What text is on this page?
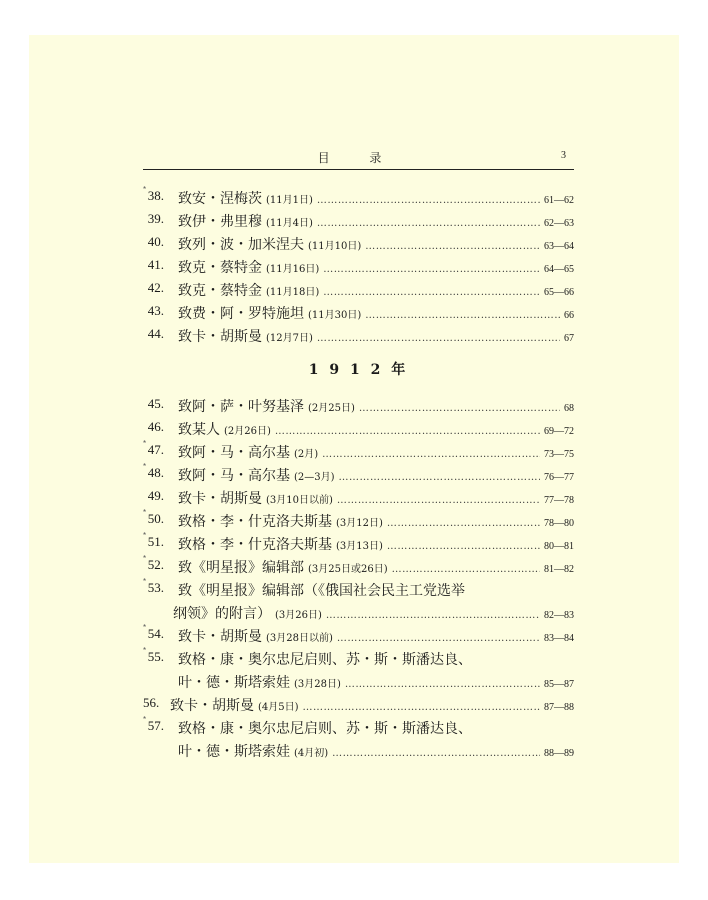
目 录	3
* 38. 致安・涅梅茨 (11月1日) …………………………………………………………………………………………………………………	61—62
39. 致伊・弗里穆 (11月4日) …………………………………………………………………………………………………………………	62—63
40. 致列・波・加米涅夫 (11月10日) …………………………………………………………………………………………………………………	63—64
41. 致克・蔡特金 (11月16日) …………………………………………………………………………………………………………………	64—65
42. 致克・蔡特金 (11月18日) …………………………………………………………………………………………………………………	65—66
43. 致费・阿・罗特施坦 (11月30日) …………………………………………………………………………………………………………………	66
44. 致卡・胡斯曼 (12月7日) …………………………………………………………………………………………………………………	67
1 9 1 2 年
45. 致阿・萨・叶努基泽 (2月25日) …………………………………………………………………………………………………………………	68
46. 致某人 (2月26日) …………………………………………………………………………………………………………………	69—72
* 47. 致阿・马・高尔基 (2月) …………………………………………………………………………………………………………………	73—75
* 48. 致阿・马・高尔基 (2—3月) …………………………………………………………………………………………………………………	76—77
49. 致卡・胡斯曼 (3月10日以前) …………………………………………………………………………………………………………………	77—78
* 50. 致格・李・什克洛夫斯基 (3月12日) …………………………………………………………………………………………………………………	78—80
* 51. 致格・李・什克洛夫斯基 (3月13日) …………………………………………………………………………………………………………………	80—81
* 52. 致《明星报》编辑部 (3月25日或26日) …………………………………………………………………………………………………………………	81—82
* 53. 致《明星报》编辑部（《俄国社会民主工党选举
纲领》的附言） (3月26日) …………………………………………………………………………………………………………………	82—83
* 54. 致卡・胡斯曼 (3月28日以前) …………………………………………………………………………………………………………………	83—84
* 55. 致格・康・奥尔忠尼启则、苏・斯・斯潘达良、
叶・德・斯塔索娃 (3月28日) …………………………………………………………………………………………………………………	85—87
56. 致卡・胡斯曼 (4月5日) …………………………………………………………………………………………………………………	87—88
* 57. 致格・康・奥尔忠尼启则、苏・斯・斯潘达良、
叶・德・斯塔索娃 (4月初) …………………………………………………………………………………………………………………	88—89
